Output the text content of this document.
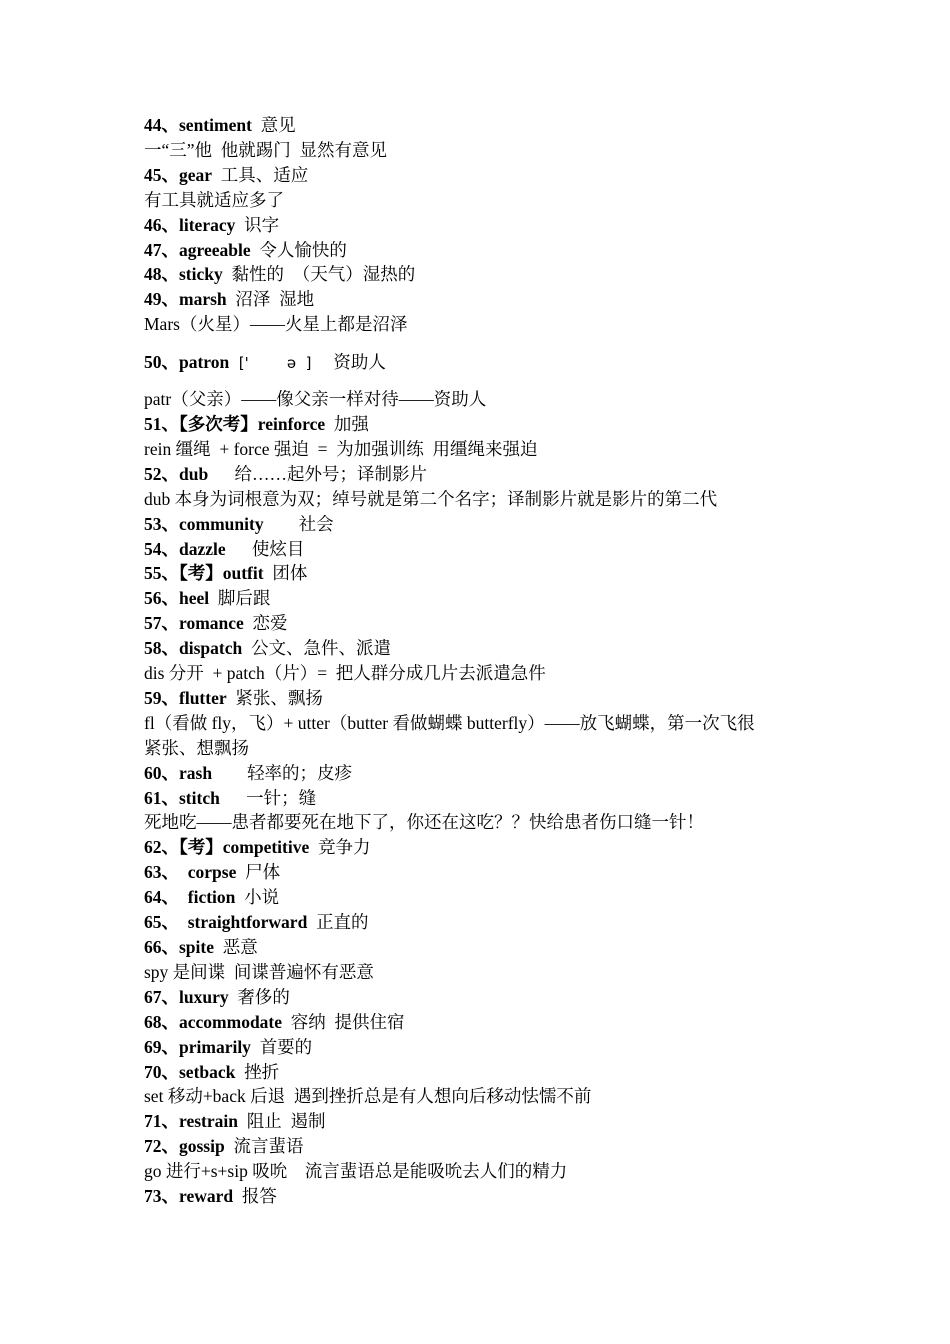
44、sentiment  意见
一“三”他  他就踢门  显然有意见
45、gear  工具、适应
有工具就适应多了
46、literacy  识字
47、agreeable  令人愉快的
48、sticky  黏性的  （天气）湿热的
49、marsh  沼泽  湿地
Mars（火星）——火星上都是沼泽
50、patron  ['        ə  ]     资助人
patr（父亲）——像父亲一样对待——资助人
51、【多次考】reinforce  加强
rein 缰绳  + force 强迫  =  为加强训练  用缰绳来强迫
52、dub      给……起外号；译制影片
dub 本身为词根意为双；绰号就是第二个名字；译制影片就是影片的第二代
53、community        社会
54、dazzle      使炫目
55、【考】outfit  团体
56、heel  脚后跟
57、romance  恋爱
58、dispatch  公文、急件、派遣
dis 分开  + patch（片）=  把人群分成几片去派遣急件
59、flutter  紧张、飘扬
fl（看做 fly，飞）+ utter（butter 看做蝴蝶 butterfly）——放飞蝴蝶，第一次飞很
紧张、想飘扬
60、rash        轻率的；皮疹
61、stitch      一针；缝
死地吃——患者都要死在地下了，你还在这吃？？快给患者伤口缝一针！
62、【考】competitive  竞争力
63、  corpse  尸体
64、  fiction  小说
65、  straightforward  正直的
66、spite  恶意
spy 是间谍  间谍普遍怀有恶意
67、luxury  奢侈的
68、accommodate  容纳  提供住宿
69、primarily  首要的
70、setback  挫折
set 移动+back 后退  遇到挫折总是有人想向后移动怯懦不前
71、restrain  阻止  遏制
72、gossip  流言蜚语
go 进行+s+sip 吸吮    流言蜚语总是能吸吮去人们的精力
73、reward  报答
